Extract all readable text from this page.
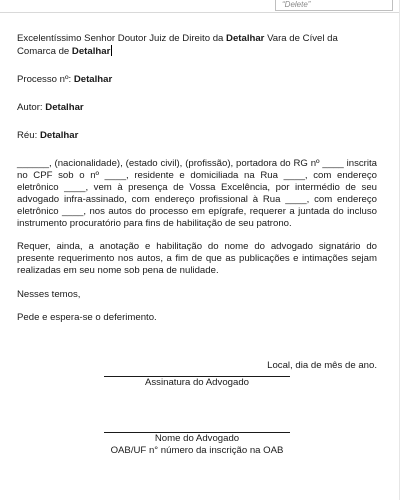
“Delete”

Excelentíssimo Senhor Doutor Juiz de Direito da Detalhar Vara de Cível da Comarca de Detalhar

Processo nº: Detalhar

Autor: Detalhar

Réu: Detalhar

______, (nacionalidade), (estado civil), (profissão), portadora do RG nº ____ inscrita no CPF sob o nº ____, residente e domiciliada na Rua ____, com endereço eletrônico ____, vem à presença de Vossa Excelência, por intermédio de seu advogado infra-assinado, com endereço profissional à Rua ____, com endereço eletrônico ____, nos autos do processo em epígrafe, requerer a juntada do incluso instrumento procuratório para fins de habilitação de seu patrono.

Requer, ainda, a anotação e habilitação do nome do advogado signatário do presente requerimento nos autos, a fim de que as publicações e intimações sejam realizadas em seu nome sob pena de nulidade.

Nesses temos,

Pede e espera-se o deferimento.

Local, dia de mês de ano.

Assinatura do Advogado
Nome do Advogado
OAB/UF n° número da inscrição na OAB
